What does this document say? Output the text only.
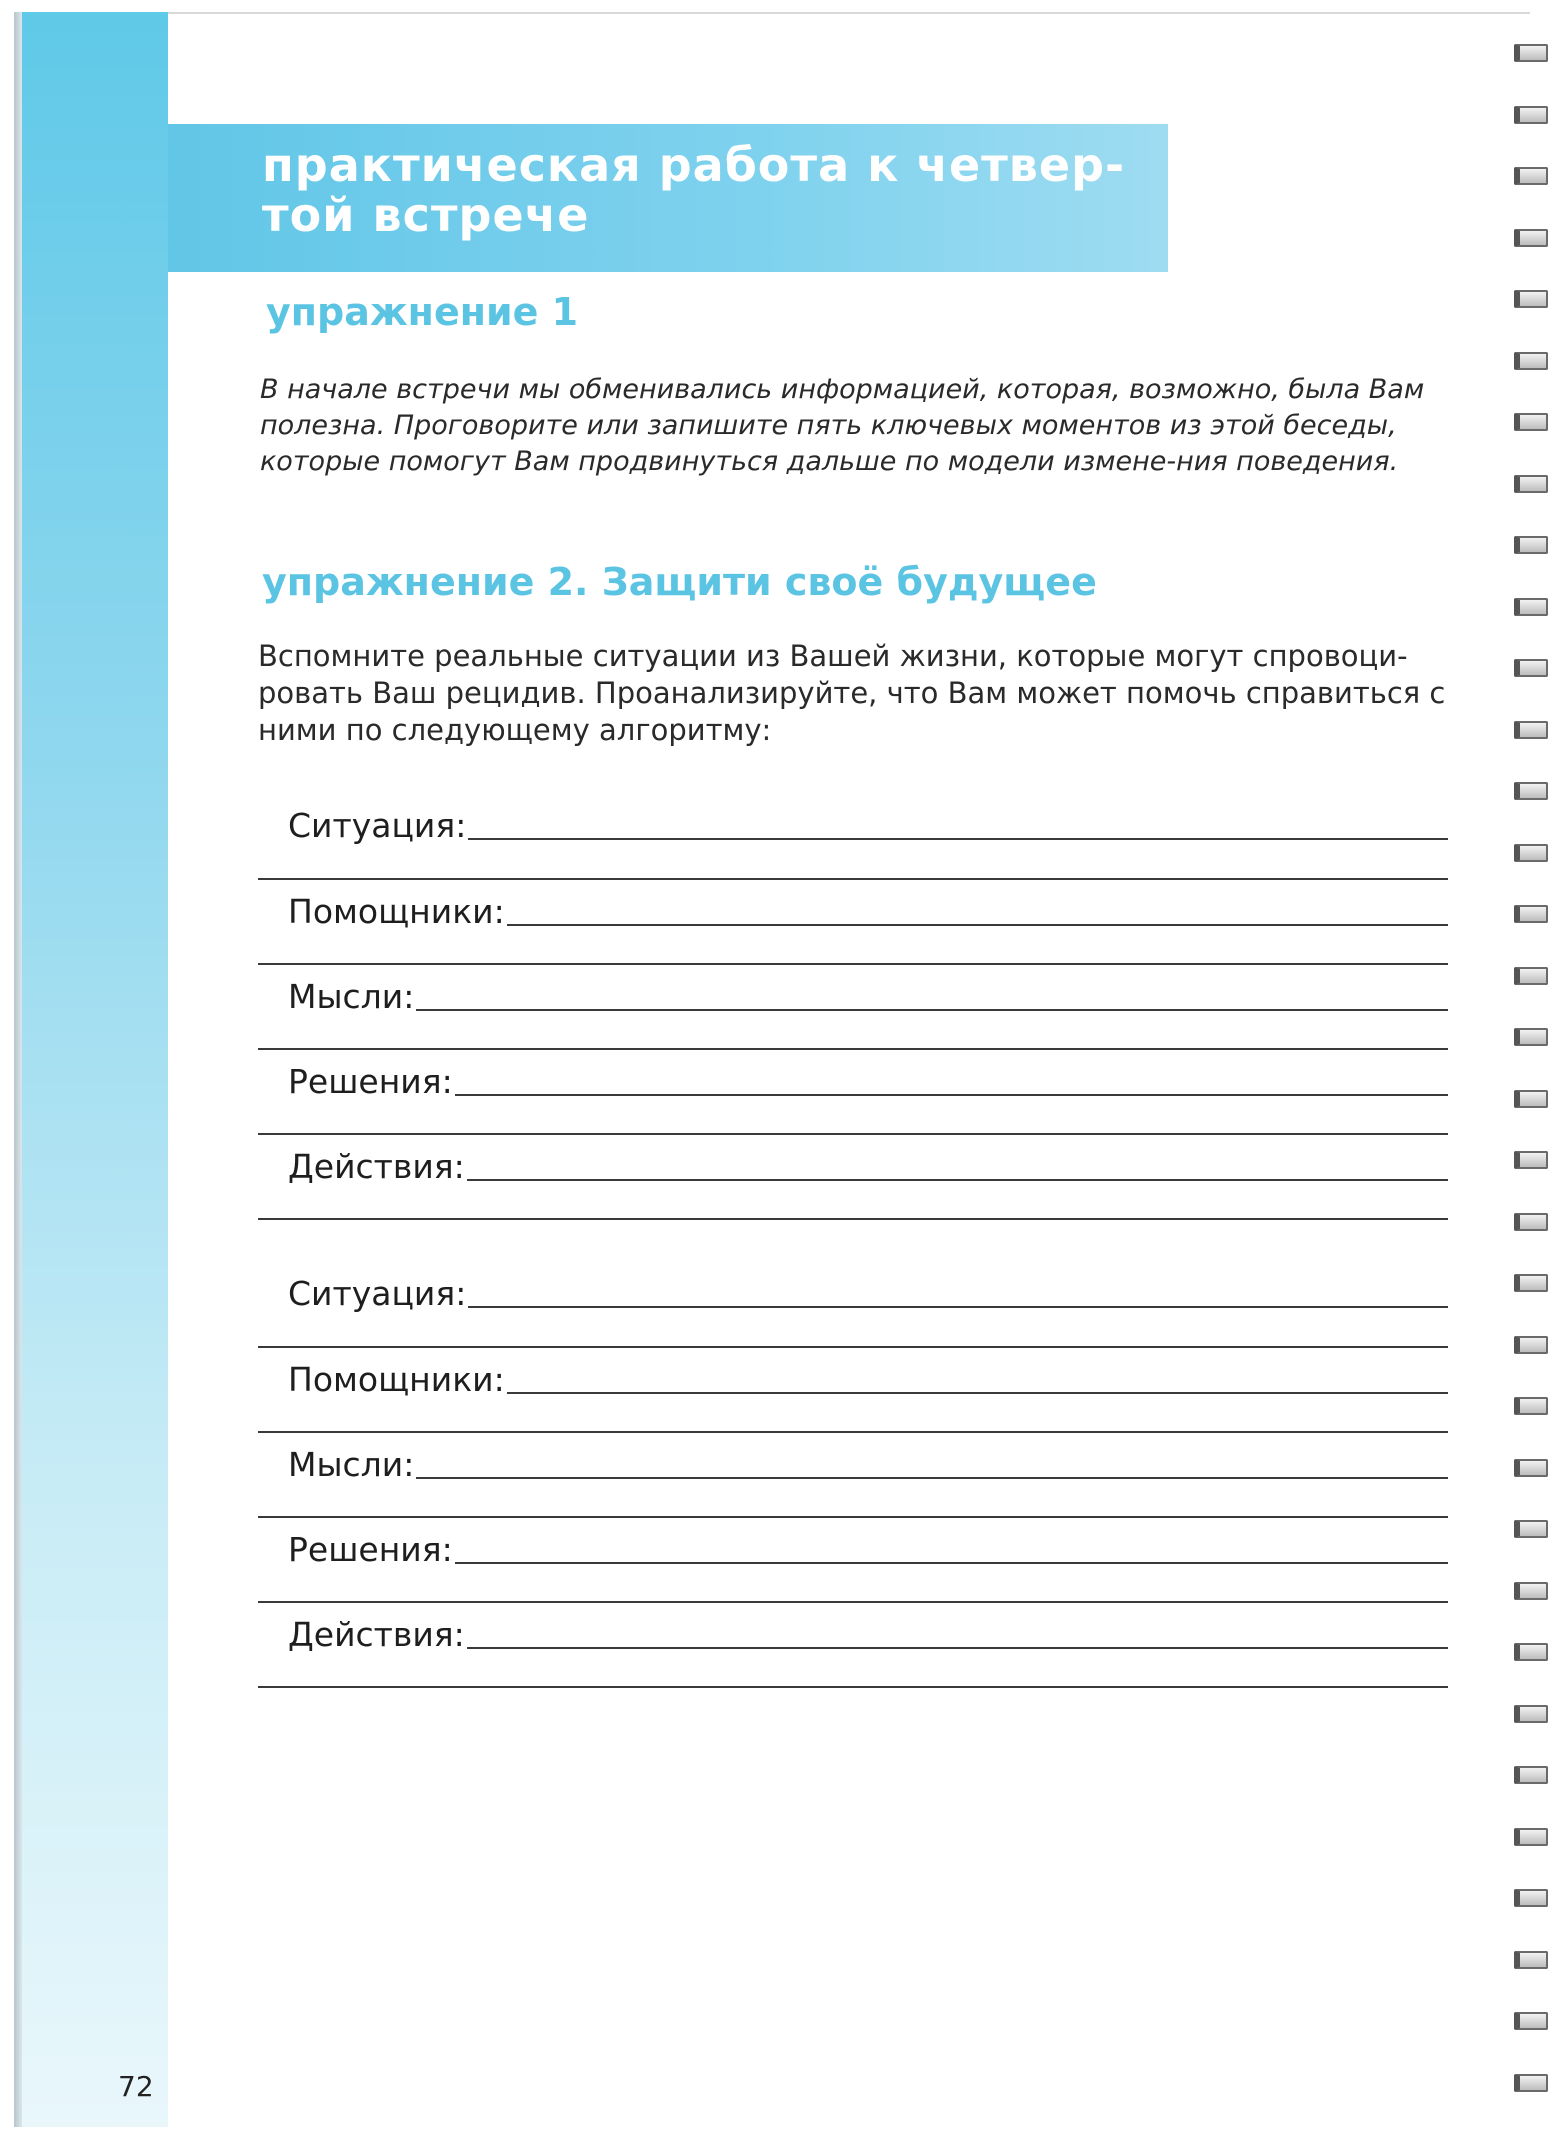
практическая работа к четвер-
той встрече
упражнение 1
В начале встречи мы обменивались информацией, которая, возможно, была Вам полезна. Проговорите или запишите пять ключевых моментов из этой беседы, которые помогут Вам продвинуться дальше по модели измене-ния поведения.
упражнение 2. Защити своё будущее
Вспомните реальные ситуации из Вашей жизни, которые могут спровоци-ровать Ваш рецидив. Проанализируйте, что Вам может помочь справиться с ними по следующему алгоритму:
Ситуация:
Помощники:
Мысли:
Решения:
Действия:
Ситуация:
Помощники:
Мысли:
Решения:
Действия:
72
